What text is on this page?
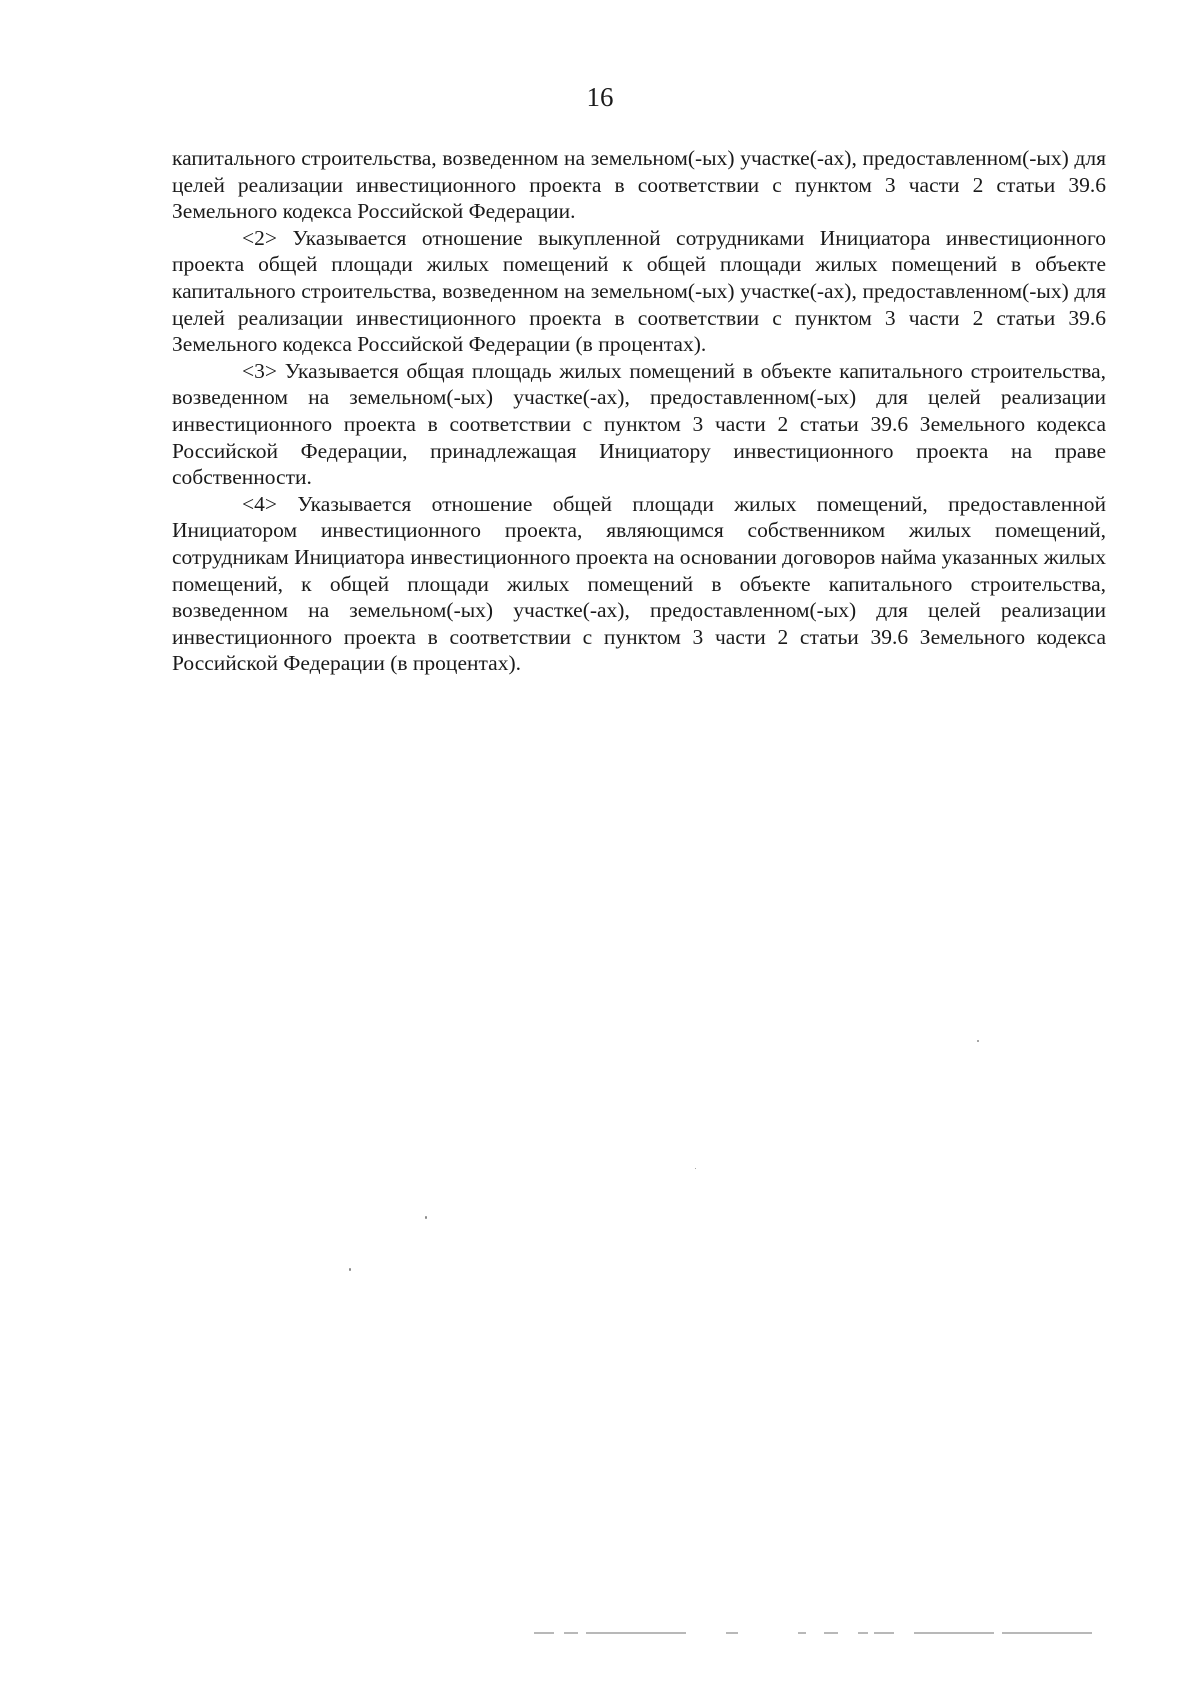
16

капитального строительства, возведенном на земельном(-ых) участке(-ах), предоставленном(-ых) для целей реализации инвестиционного проекта в соответствии с пунктом 3 части 2 статьи 39.6 Земельного кодекса Российской Федерации.

<2> Указывается отношение выкупленной сотрудниками Инициатора инвестиционного проекта общей площади жилых помещений к общей площади жилых помещений в объекте капитального строительства, возведенном на земельном(-ых) участке(-ах), предоставленном(-ых) для целей реализации инвестиционного проекта в соответствии с пунктом 3 части 2 статьи 39.6 Земельного кодекса Российской Федерации (в процентах).

<3> Указывается общая площадь жилых помещений в объекте капитального строительства, возведенном на земельном(-ых) участке(-ах), предоставленном(-ых) для целей реализации инвестиционного проекта в соответствии с пунктом 3 части 2 статьи 39.6 Земельного кодекса Российской Федерации, принадлежащая Инициатору инвестиционного проекта на праве собственности.

<4> Указывается отношение общей площади жилых помещений, предоставленной Инициатором инвестиционного проекта, являющимся собственником жилых помещений, сотрудникам Инициатора инвестиционного проекта на основании договоров найма указанных жилых помещений, к общей площади жилых помещений в объекте капитального строительства, возведенном на земельном(-ых) участке(-ах), предоставленном(-ых) для целей реализации инвестиционного проекта в соответствии с пунктом 3 части 2 статьи 39.6 Земельного кодекса Российской Федерации (в процентах).
